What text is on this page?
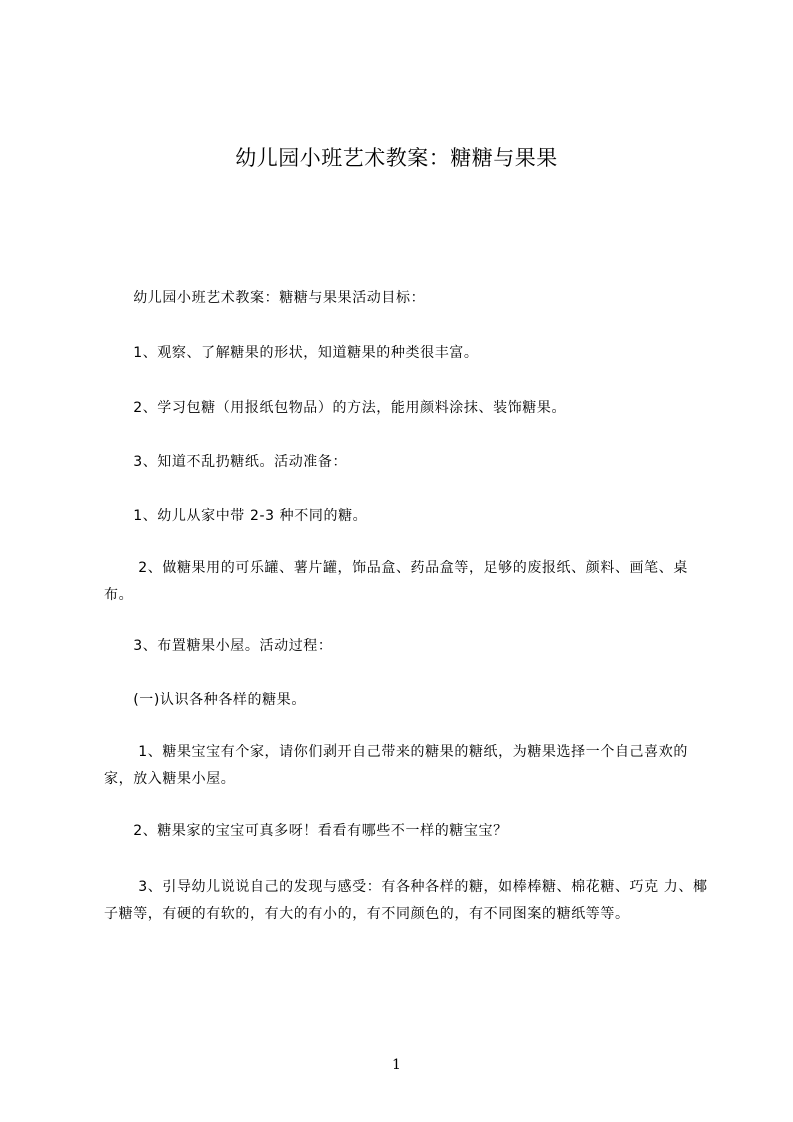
幼儿园小班艺术教案：糖糖与果果
　　幼儿园小班艺术教案：糖糖与果果活动目标：
　　1、观察、了解糖果的形状，知道糖果的种类很丰富。
　　2、学习包糖（用报纸包物品）的方法，能用颜料涂抹、装饰糖果。
　　3、知道不乱扔糖纸。活动准备：
　　1、幼儿从家中带 2-3 种不同的糖。
　　 2、做糖果用的可乐罐、薯片罐，饰品盒、药品盒等，足够的废报纸、颜料、画笔、桌布。
　　3、布置糖果小屋。活动过程：
　　(一)认识各种各样的糖果。
　　 1、糖果宝宝有个家，请你们剥开自己带来的糖果的糖纸，为糖果选择一个自己喜欢的家，放入糖果小屋。
　　2、糖果家的宝宝可真多呀！看看有哪些不一样的糖宝宝？
　　 3、引导幼儿说说自己的发现与感受：有各种各样的糖，如棒棒糖、棉花糖、巧克 力、椰子糖等，有硬的有软的，有大的有小的，有不同颜色的，有不同图案的糖纸等等。
1
